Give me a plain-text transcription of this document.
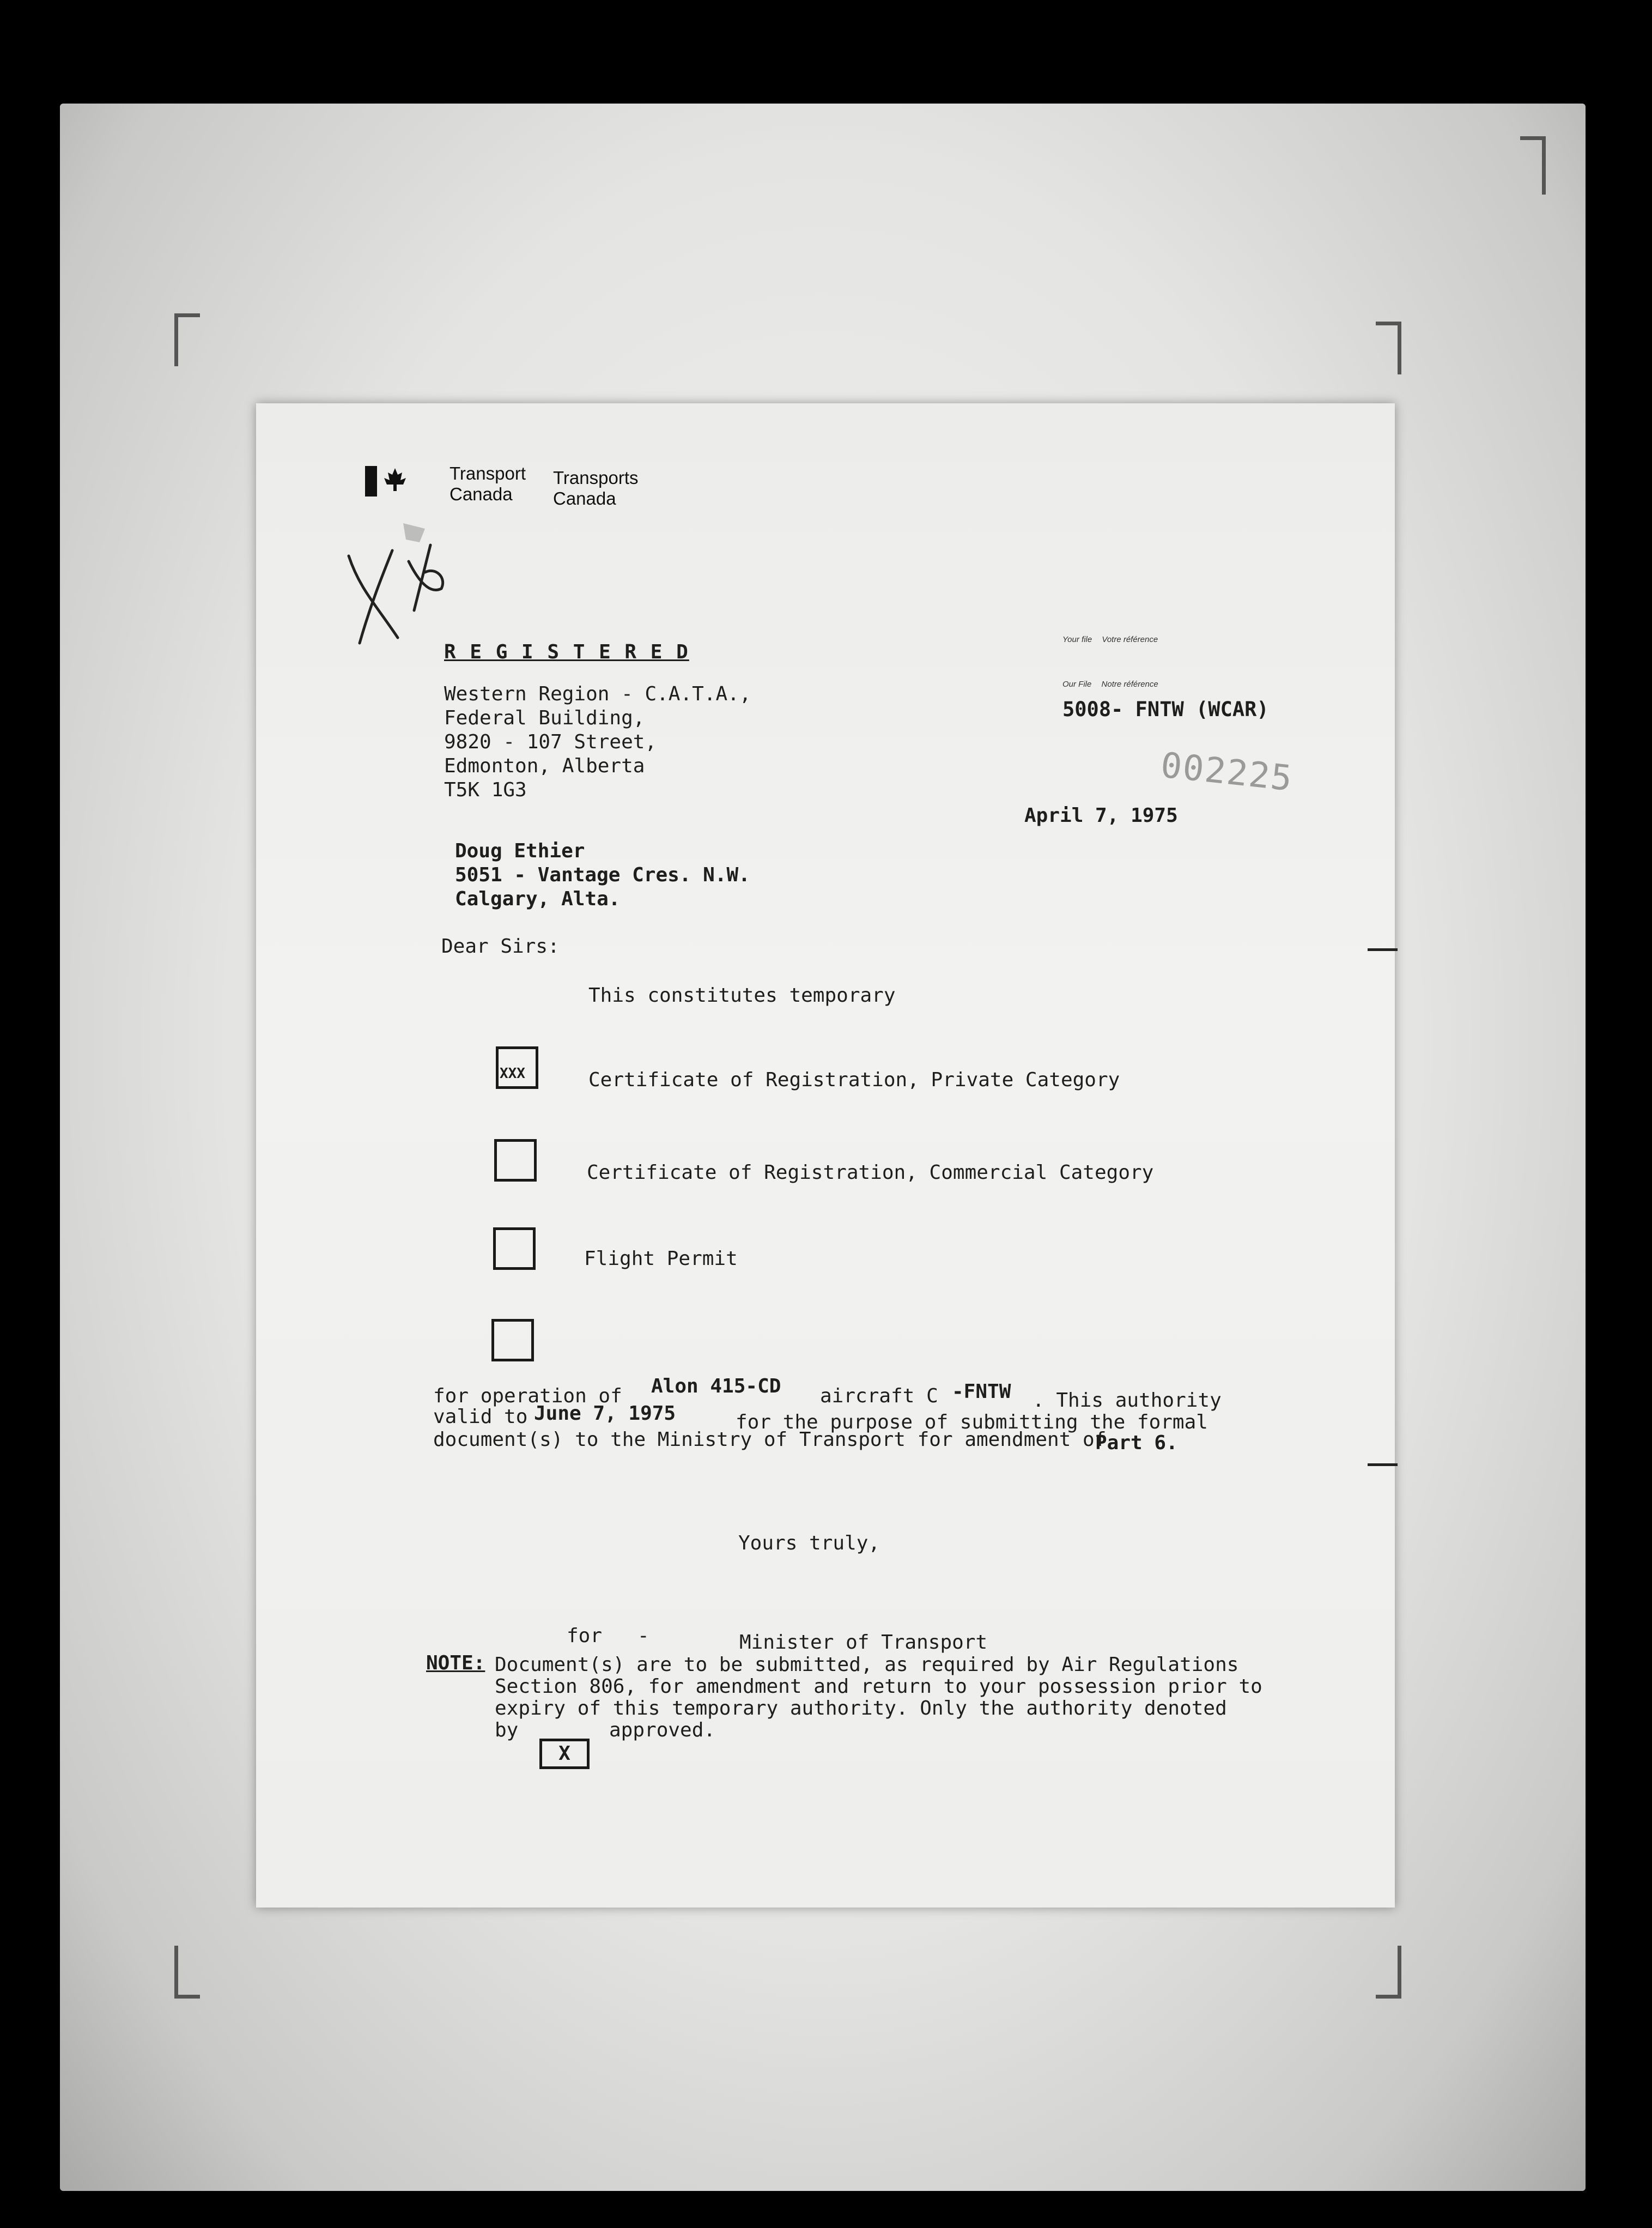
Transport
Canada
Transports
Canada
Your file Votre référence
Our File Notre référence
5008- FNTW (WCAR)
002225
April 7, 1975
R E G I S T E R E D
Western Region - C.A.T.A.,
Federal Building,
9820 - 107 Street,
Edmonton, Alberta
T5K 1G3
Doug Ethier
5051 - Vantage Cres. N.W.
Calgary, Alta.
Dear Sirs:
This constitutes temporary
XXX	Certificate of Registration, Private Category
Certificate of Registration, Commercial Category
Flight Permit
for operation of Alon 415-CD aircraft C -FNTW . This authority
valid to June 7, 1975	for the purpose of submitting the formal
document(s) to the Ministry of Transport for amendment of
Part 6.
Yours truly,
for -	Minister of Transport
NOTE: Document(s) are to be submitted, as required by Air Regulations
Section 806, for amendment and return to your possession prior to
expiry of this temporary authority. Only the authority denoted
by	approved.
X
